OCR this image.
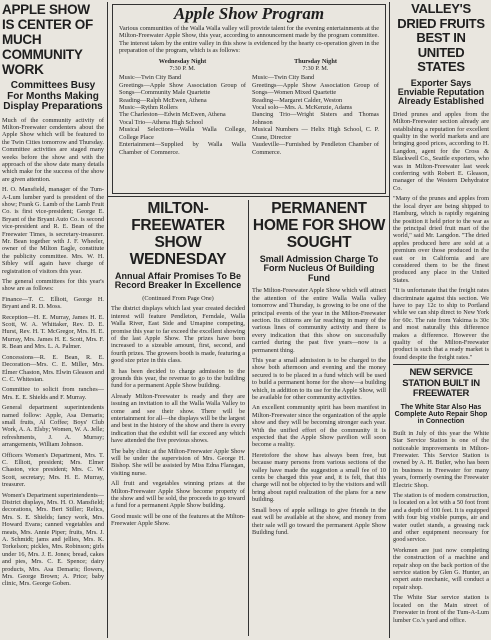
APPLE SHOW IS CENTER OF MUCH COMMUNITY WORK
Committees Busy For Months Making Display Preparations

Much of the community activity of Milton-Freewater cendenters about the Apple Show which will be featured to the Twin Cities tomorrow and Thursday. Committee activities are staged many weeks before the show and with the approach of the show date many details which make for the success of the show are given attention.

H. O. Mansfield, manager of the Tum-A-Lum lumber yard is president of the show; Frank G. Lamb of the Lamb Fruit Co. is first vice-president; George E. Bryant of the Bryant Auto Co. is second vice-president and R. E. Bean of the Freewater Times, is secretary-treasurer. Mr. Bean together with J. F. Wheeler, owner of the Milton Eagle, constitute the publicity committee. Mrs. W. H. Sibley will again have charge of registration of visitors this year.

The general committees for this year's show are as follows:

Finance—T. C. Elliott, George H. Bryant and R. D. Moss.

Reception—H. E. Murray, James H. E. Scott, W. A. Whittaker, Rev. D. E. Hurst, Rev. H. T. McGregor, Mrs. H. E. Murray, Mrs. James H. E. Scott, Mrs. F. R. Bean and Mrs. L. A. Palmer.

Concessions—R. E. Bean, R. E. Decoration—Mrs. C. E. Miller, Mrs. Elmer Chaston, Mrs. Elwin Gleason and C. C. Whitesian.

Committee to solicit from ranches—Mrs. E. E. Shields and F. Murray.

General department superintendents named follow: Apple, Asa Demaris; small fruits, Al Coffee; Boys' Club Work, A. A. Elsby; Women, W. A. Jelle; refreshments, J. A. Murray; arrangements, William Johnson.

Officers Women's Department, Mrs. T. C. Elliott, president; Mrs. Elmer Chaston, vice president; Mrs. C. W. Scott, secretary; Mrs. H. E. Murray, treasurer.

Women's Department superintendents—District displays, Mrs. H. O. Mansfield; decorations, Mrs. Bert Stiller; Relics, Mrs. S. E. Shields; fancy work, Mrs. Howard Evans; canned vegetables and meats, Mrs. Annie Piper; fruits, Mrs. J. A. Schmidt; jams and jellies, Mrs. K. Torkelson; pickles, Mrs. Robinson; girls under 16, Mrs. J. E. Jones; bread, cakes and pies, Mrs. C. E. Spence; dairy products, Mrs. Asa Demaris; flowers, Mrs. George Brown; A. Price; baby clinic, Mrs. George Goben.

Apple Show Program

Various communities of the Walla Walla valley will provide talent for the evening entertainments at the Milton-Freewater Apple Show, this year, according to announcement made by the program committee. The interest taken by the entire valley in this show is evidenced by the hearty co-operation given in the preparation of the program, which is as follows:

Wednesday Night
7:30 P. M.
Music—Twin City Band
Greetings—Apple Show Association Group of Songs—Community Male Quartette
Reading—Ralph McEwen, Athena
Music—Rythm Rollers
The Charleston—Edwin McEwen, Athena
Vocal Trio—Athena High School
Musical Selections—Walla Walla College, College Place
Entertainment—Supplied by Walla Walla Chamber of Commerce.
Thursday Night
7:30 P. M.
Music—Twin City Band
Greetings—Apple Show Association Group of Songs—Women Mixed Quartette
Reading—Margaret Calder, Weston
Vocal solo—Mrs. A. McKenzie, Adams
Dancing Trio—Wright Sisters and Thomas Johnson
Musical Numbers — Helix High School, C. P. Crane, Director
Vaudeville—Furnished by Pendleton Chamber of Commerce.
MILTON-FREEWATER SHOW WEDNESDAY
Annual Affair Promises To Be Record Breaker In Excellence

(Continued From Page One)

The district displays which last year created decided interest will feature Pendleton, Ferndale, Walla Walla River, East Side and Umapine competing, promise this year to far exceed the excellent showing of the last Apple Show. The prizes have been increased to a sizeable amount, first, second, and fourth prizes. The growers booth is made, featuring a good size prize in this class.

It has been decided to charge admission to the grounds this year, the revenue to go to the building fund for a permanent Apple Show building.

Already Milton-Freewater is ready and they are issuing an invitation to all the Walla Walla Valley to come and see their show. There will be entertainment for all—the displays will be the largest and best in the history of the show and there is every indication that the exhibit will far exceed any which have attended the five previous shows.

The baby clinic at the Milton-Freewater Apple Show will be under the supervision of Mrs. George H. Bishop. She will be assisted by Miss Edna Flansgan, visiting nurse.

All fruit and vegetables winning prizes at the Milton-Freewater Apple Show become property of the show and will be sold, the proceeds to go toward a fund for a permanent Apple Show building.

Good music will be one of the features at the Milton-Freewater Apple Show.

PERMANENT HOME FOR SHOW SOUGHT
Small Admission Charge To Form Nucleus Of Building Fund

The Milton-Freewater Apple Show which will attract the attention of the entire Walla Walla valley tomorrow and Thursday, is growing to be one of the principal events of the year in the Milton-Freewater section. Its citizens are far reaching in many of the various lines of community activity and there is every indication that this show on successfully carried during the past five years—now is a permanent thing.

This year a small admission is to be charged to the show both afternoon and evening and the money secured is to be placed in a fund which will be used to build a permanent home for the show—a building which, in addition to its use for the Apple Show, will be available for other community activities.

An excellent community spirit has been manifest in Milton-Freewater since the organization of the apple show and they will be becoming stronger each year. With the unified effort of the community it is expected that the Apple Show pavilion will soon become a reality.

Heretofore the show has always been free, but because many persons from various sections of the valley have made the suggestion a small fee of 10 cents be charged this year and, it is felt, that this charge will not be objected to by the visitors and will bring about rapid realization of the plans for a new building.

Small boys of apple sellings to give friends in the east will be available at the show, and money from their sale will go toward the permanent Apple Show Building fund.

VALLEY'S DRIED FRUITS BEST IN UNITED STATES
Exporter Says Enviable Reputation Already Established

Dried prunes and apples from the Milton-Freewater section already are establishing a reputation for excellent quality in the world markets and are bringing good prices, according to H. Langdon, agent for the Cross & Blackwell Co., Seattle exporters, who was in Milton-Freewater last week conferring with Robert E. Gleason, manager of the Western Dehydrator Co.

"Many of the prunes and apples from the local dryer are being shipped to Hamburg, which is rapidly regaining the position it held prior to the war as the principal dried fruit mart of the world," said Mr. Langdon. "The dried apples produced here are sold at a premium over those produced in the east or in California and are considered them to be the finest produced any place in the United States.

"It is unfortunate that the freight rates discriminate against this section. We have to pay 12c to ship to Portland while we can ship direct to New York for 60c. The rate from Yakima is 30c and most naturally this difference makes a difference. However the quality of the Milton-Freewater product is such that a ready market is found despite the freight rates."

NEW SERVICE STATION BUILT IN FREEWATER
The White Star Also Has Complete Auto Repair Shop in Connection

Built in July of this year the White Star Service Station is one of the noticeable improvements in Milton-Freewater. This Service Station is owned by A. H. Butler, who has been in business in Freewater for many years, formerly owning the Freewater Electric Shop.

The station is of modern construction, is located on a lot with a 50 foot front and a depth of 100 feet. It is equipped with four big visible pumps, air and water outlet stands, a greasing rack and other equipment necessary for good service.

Workmen are just now completing the construction of a machine and repair shop on the back portion of the service station by Glen G. Hunter, an expert auto mechanic, will conduct a repair shop.

The White Star service station is located on the Main street of Freewater in front of the Tum-A-Lum lumber Co.'s yard and office.
